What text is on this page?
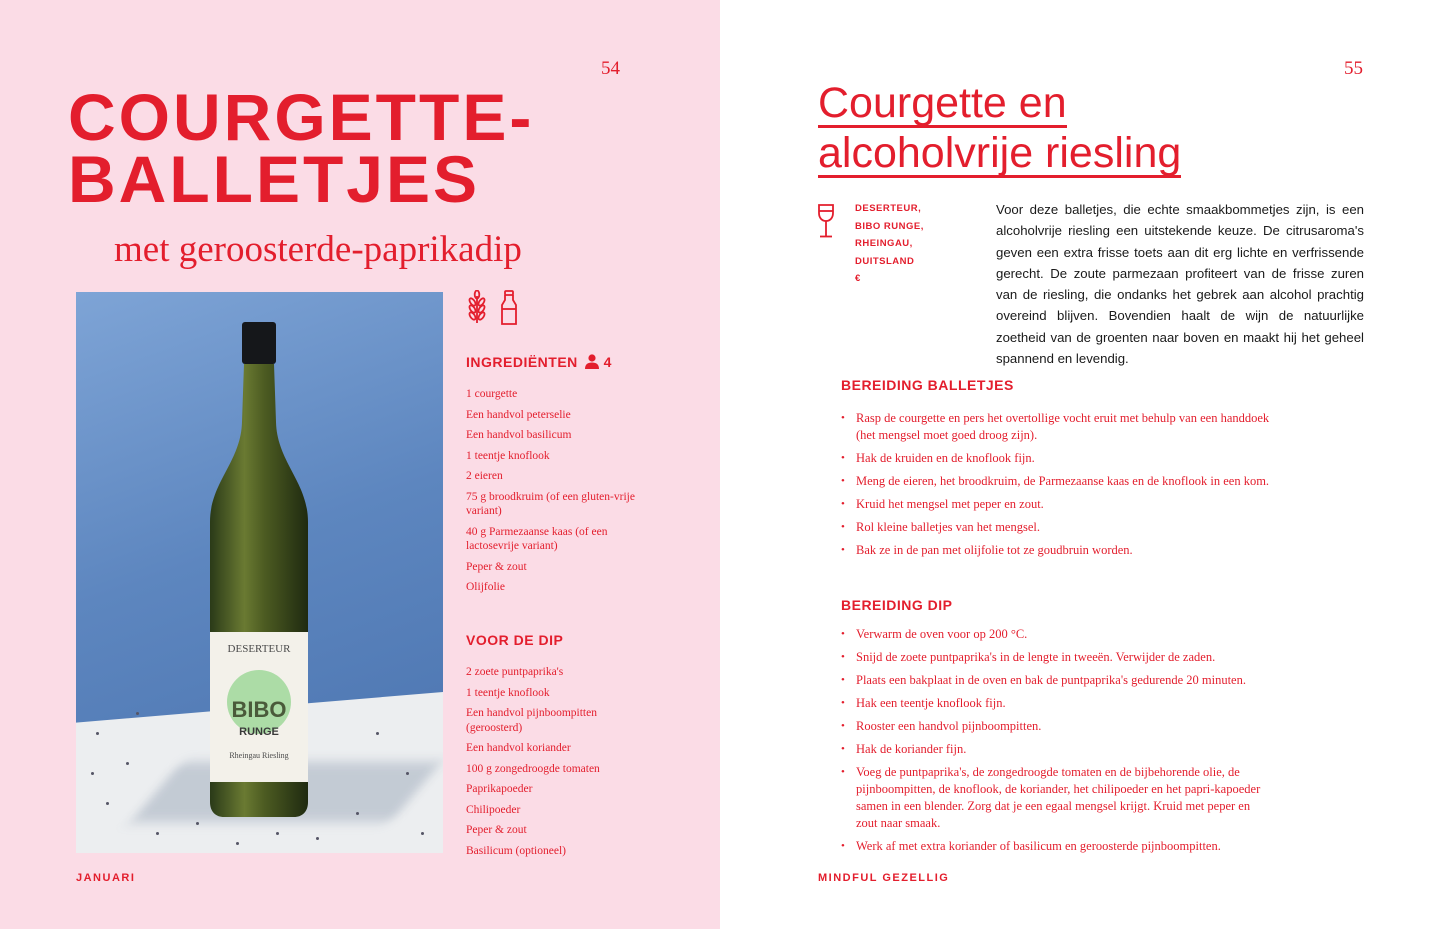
54
COURGETTE-
BALLETJES
met geroosterde-paprikadip
DESERTEUR
BIBO
RUNGE
Rheingau Riesling
INGREDIËNTEN 4
1 courgette
Een handvol peterselie
Een handvol basilicum
1 teentje knoflook
2 eieren
75 g broodkruim (of een gluten-vrije variant)
40 g Parmezaanse kaas (of een lactosevrije variant)
Peper & zout
Olijfolie
VOOR DE DIP
2 zoete puntpaprika's
1 teentje knoflook
Een handvol pijnboompitten (geroosterd)
Een handvol koriander
100 g zongedroogde tomaten
Paprikapoeder
Chilipoeder
Peper & zout
Basilicum (optioneel)
JANUARI
55
Courgette en
alcoholvrije riesling
DESERTEUR,
BIBO RUNGE,
RHEINGAU,
DUITSLAND
€
Voor deze balletjes, die echte smaakbommetjes zijn, is een alcoholvrije riesling een uitstekende keuze. De citrusaroma's geven een extra frisse toets aan dit erg lichte en verfrissende gerecht. De zoute parmezaan profiteert van de frisse zuren van de riesling, die ondanks het gebrek aan alcohol prachtig overeind blijven. Bovendien haalt de wijn de natuurlijke zoetheid van de groenten naar boven en maakt hij het geheel spannend en levendig.
BEREIDING BALLETJES
• Rasp de courgette en pers het overtollige vocht eruit met behulp van een handdoek (het mengsel moet goed droog zijn).
• Hak de kruiden en de knoflook fijn.
• Meng de eieren, het broodkruim, de Parmezaanse kaas en de knoflook in een kom.
• Kruid het mengsel met peper en zout.
• Rol kleine balletjes van het mengsel.
• Bak ze in de pan met olijfolie tot ze goudbruin worden.
BEREIDING DIP
• Verwarm de oven voor op 200 °C.
• Snijd de zoete puntpaprika's in de lengte in tweeën. Verwijder de zaden.
• Plaats een bakplaat in de oven en bak de puntpaprika's gedurende 20 minuten.
• Hak een teentje knoflook fijn.
• Rooster een handvol pijnboompitten.
• Hak de koriander fijn.
• Voeg de puntpaprika's, de zongedroogde tomaten en de bijbehorende olie, de pijnboompitten, de knoflook, de koriander, het chilipoeder en het papri-kapoeder samen in een blender. Zorg dat je een egaal mengsel krijgt. Kruid met peper en zout naar smaak.
• Werk af met extra koriander of basilicum en geroosterde pijnboompitten.
MINDFUL GEZELLIG
